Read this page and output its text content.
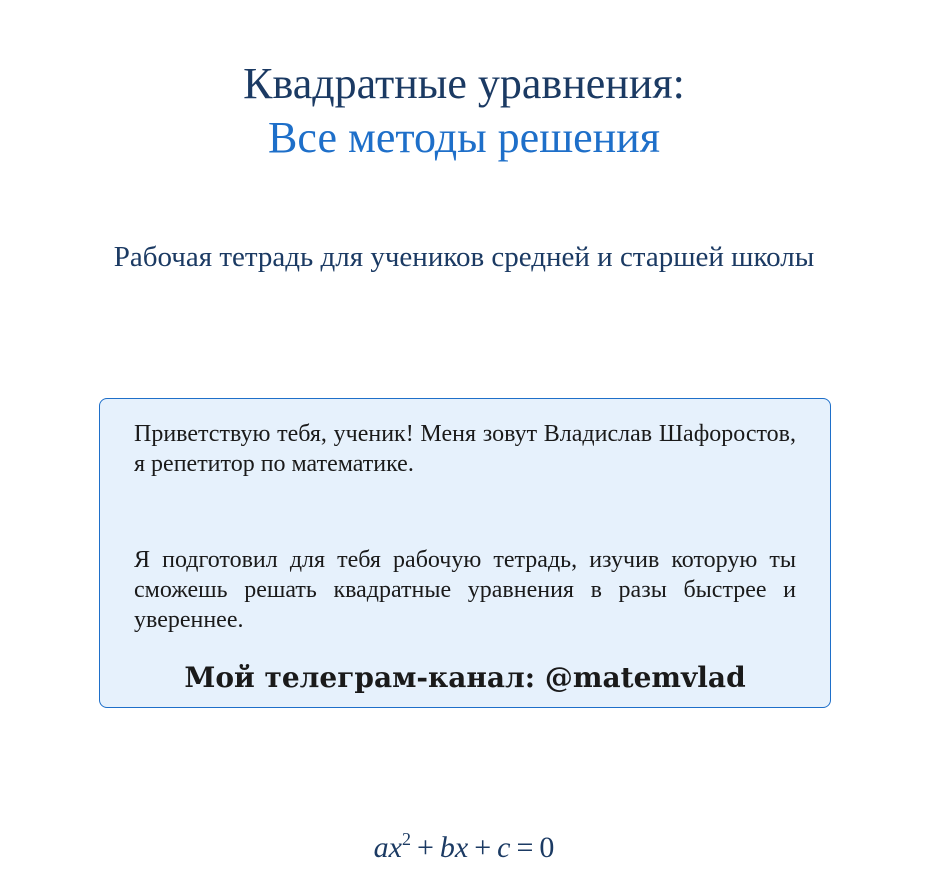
Квадратные уравнения:
Все методы решения
Рабочая тетрадь для учеников средней и старшей школы

Приветствую тебя, ученик! Меня зовут Владислав Шафоростов, я репетитор по математике.

Я подготовил для тебя рабочую тетрадь, изучив которую ты сможешь решать квадратные уравнения в разы быстрее и увереннее.

Мой телеграм-канал: @matemvlad
$ax^2$ + bx + c = 0
